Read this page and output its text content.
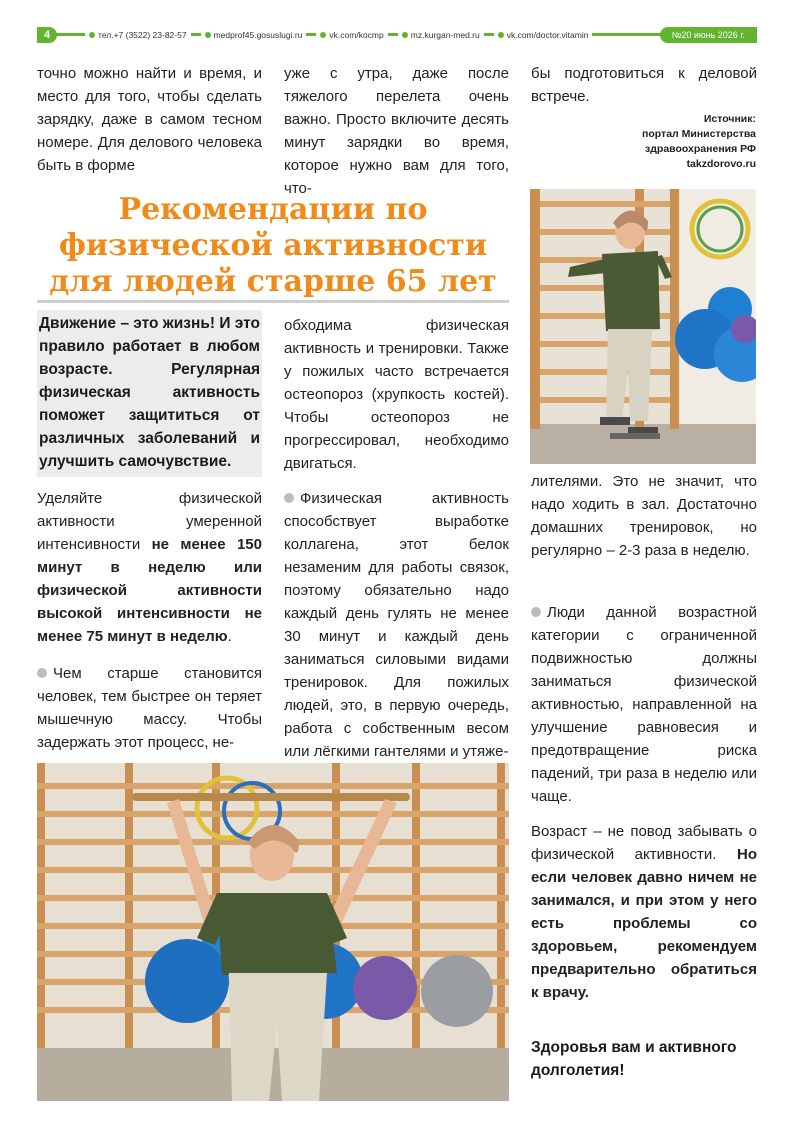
4	тел.+7 (3522) 23-82-57	medprof45.gosuslugi.ru	vk.com/kocmp	mz.kurgan-med.ru	vk.com/doctor.vitamin	№20 июнь 2026 г.
точно можно найти и время, и место для того, чтобы сделать зарядку, даже в самом тесном номере. Для делового человека быть в форме
уже с утра, даже после тяжелого перелета очень важно. Просто включите десять минут зарядки во время, которое нужно вам для того, что-
бы подготовиться к деловой встрече.
Источник:
портал Министерства
здравоохранения РФ
takzdorovo.ru
Рекомендации по
физической активности
для людей старше 65 лет
Движение – это жизнь! И это правило работает в любом возрасте. Регулярная физическая активность поможет защититься от различных заболеваний и улучшить самочувствие.
Уделяйте физической активности умеренной интенсивности не менее 150 минут в неделю или физической активности высокой интенсивности не менее 75 минут в неделю.
Чем старше становится человек, тем быстрее он теряет мышечную массу. Чтобы задержать этот процесс, не-
обходима физическая активность и тренировки. Также у пожилых часто встречается остеопороз (хрупкость костей). Чтобы остеопороз не прогрессировал, необходимо двигаться.
Физическая активность способствует выработке коллагена, этот белок незаменим для работы связок, поэтому обязательно надо каждый день гулять не менее 30 минут и каждый день заниматься силовыми видами тренировок. Для пожилых людей, это, в первую очередь, работа с собственным весом или лёгкими гантелями и утяже-
лителями. Это не значит, что надо ходить в зал. Достаточно домашних тренировок, но регулярно – 2-3 раза в неделю.
Люди данной возрастной категории с ограниченной подвижностью должны заниматься физической активностью, направленной на улучшение равновесия и предотвращение риска падений, три раза в неделю или чаще.
Возраст – не повод забывать о физической активности. Но если человек давно ничем не занимался, и при этом у него есть проблемы со здоровьем, рекомендуем предварительно обратиться к врачу.
Здоровья вам и активного долголетия!
